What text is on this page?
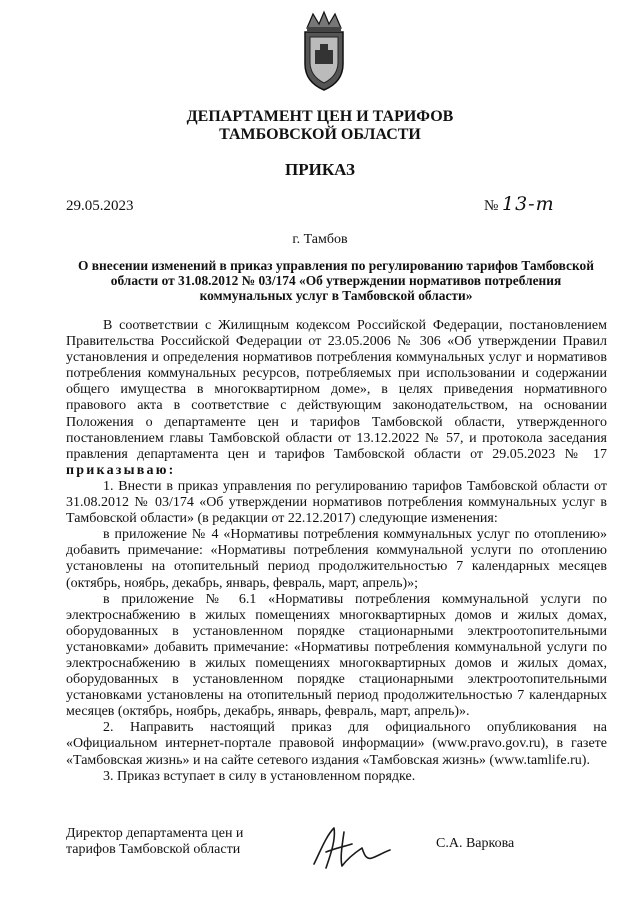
ДЕПАРТАМЕНТ ЦЕН И ТАРИФОВ
ТАМБОВСКОЙ ОБЛАСТИ
ПРИКАЗ
29.05.2023	№ 13-т
г. Тамбов
О внесении изменений в приказ управления по регулированию тарифов Тамбовской области от 31.08.2012 № 03/174 «Об утверждении нормативов потребления коммунальных услуг в Тамбовской области»

В соответствии с Жилищным кодексом Российской Федерации, постановлением Правительства Российской Федерации от 23.05.2006 № 306 «Об утверждении Правил установления и определения нормативов потребления коммунальных услуг и нормативов потребления коммунальных ресурсов, потребляемых при использовании и содержании общего имущества в многоквартирном доме», в целях приведения нормативного правового акта в соответствие с действующим законодательством, на основании Положения о департаменте цен и тарифов Тамбовской области, утвержденного постановлением главы Тамбовской области от 13.12.2022 № 57, и протокола заседания правления департамента цен и тарифов Тамбовской области от 29.05.2023 № 17 приказываю:

1. Внести в приказ управления по регулированию тарифов Тамбовской области от 31.08.2012 № 03/174 «Об утверждении нормативов потребления коммунальных услуг в Тамбовской области» (в редакции от 22.12.2017) следующие изменения:

в приложение № 4 «Нормативы потребления коммунальных услуг по отоплению» добавить примечание: «Нормативы потребления коммунальной услуги по отоплению установлены на отопительный период продолжительностью 7 календарных месяцев (октябрь, ноябрь, декабрь, январь, февраль, март, апрель)»;

в приложение № 6.1 «Нормативы потребления коммунальной услуги по электроснабжению в жилых помещениях многоквартирных домов и жилых домах, оборудованных в установленном порядке стационарными электроотопительными установками» добавить примечание: «Нормативы потребления коммунальной услуги по электроснабжению в жилых помещениях многоквартирных домов и жилых домах, оборудованных в установленном порядке стационарными электроотопительными установками установлены на отопительный период продолжительностью 7 календарных месяцев (октябрь, ноябрь, декабрь, январь, февраль, март, апрель)».

2. Направить настоящий приказ для официального опубликования на «Официальном интернет-портале правовой информации» (www.pravo.gov.ru), в газете «Тамбовская жизнь» и на сайте сетевого издания «Тамбовская жизнь» (www.tamlife.ru).

3. Приказ вступает в силу в установленном порядке.

Директор департамента цен и
тарифов Тамбовской области	С.А. Варкова
